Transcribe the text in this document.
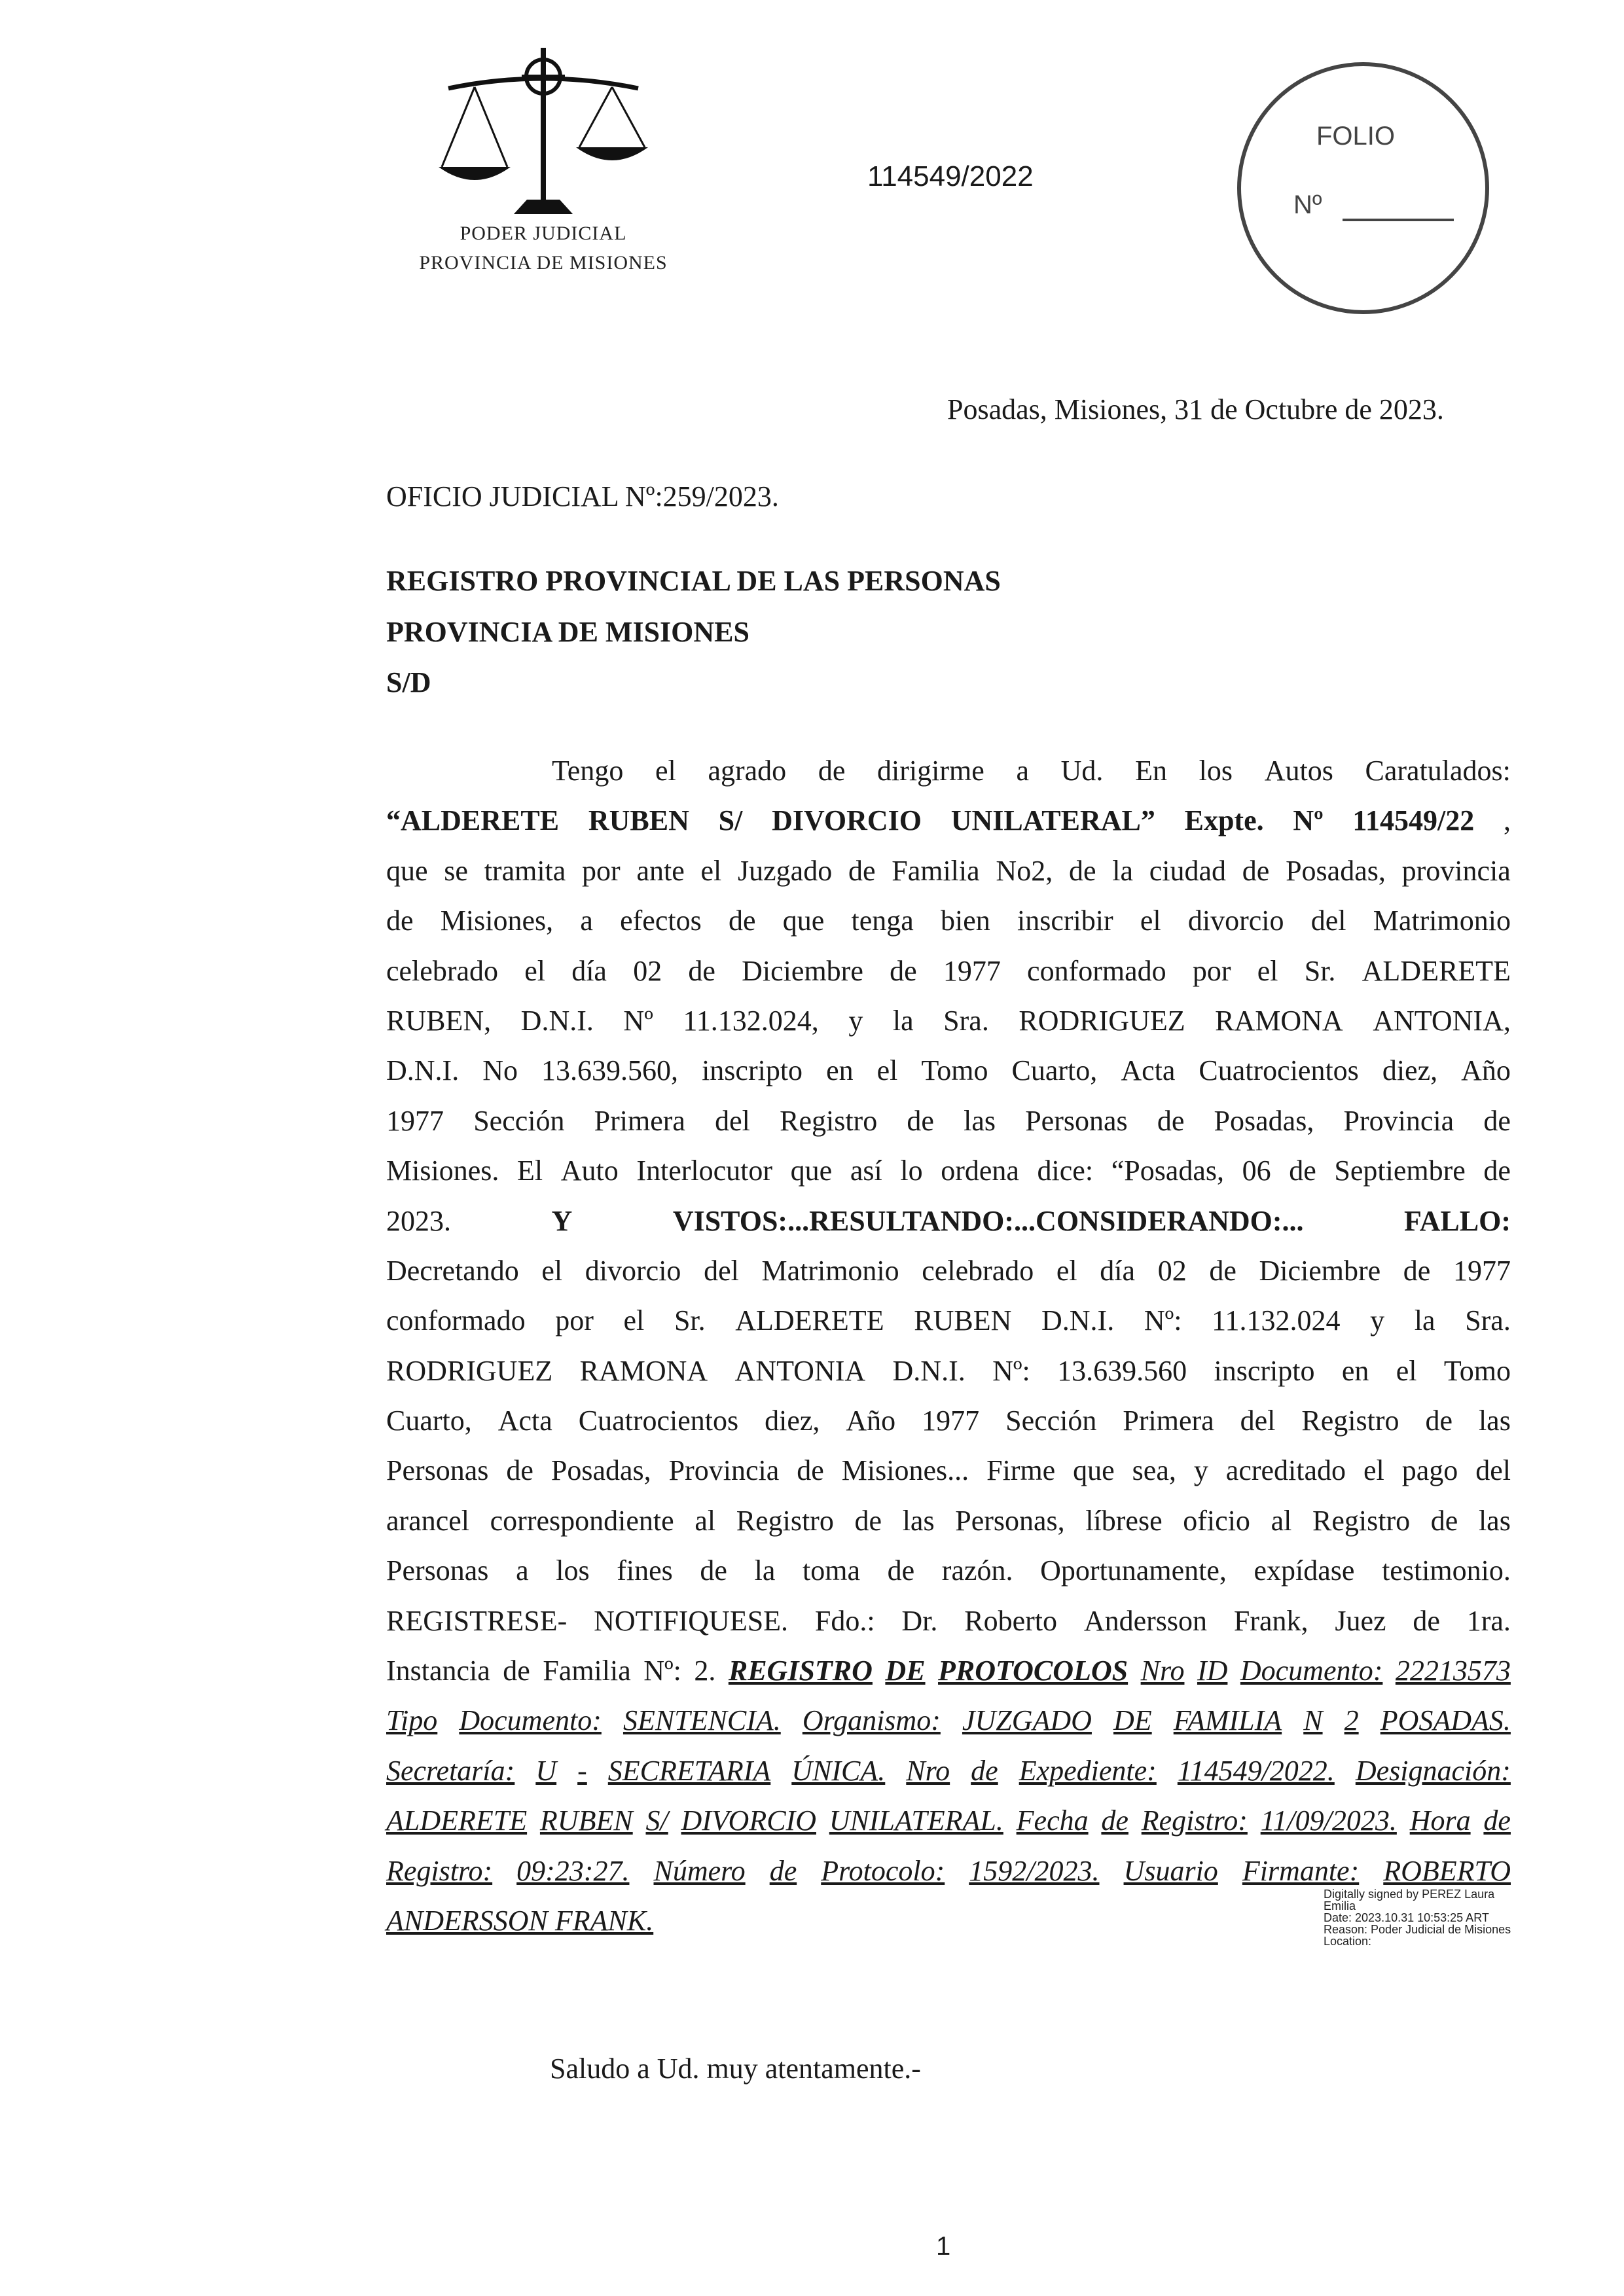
PODER JUDICIAL
PROVINCIA DE MISIONES
114549/2022
FOLIO
Nº
Posadas, Misiones, 31 de Octubre de 2023.
OFICIO JUDICIAL Nº:259/2023.
REGISTRO PROVINCIAL DE LAS PERSONAS
PROVINCIA DE MISIONES
S/D
Tengo el agrado de dirigirme a Ud. En los Autos Caratulados:
“ALDERETE RUBEN S/ DIVORCIO UNILATERAL” Expte. Nº 114549/22 ,
que se tramita por ante el Juzgado de Familia No2, de la ciudad de Posadas, provincia
de Misiones, a efectos de que tenga bien inscribir el divorcio del Matrimonio
celebrado el día 02 de Diciembre de 1977 conformado por el Sr. ALDERETE
RUBEN, D.N.I. Nº 11.132.024, y la Sra. RODRIGUEZ RAMONA ANTONIA,
D.N.I. No 13.639.560, inscripto en el Tomo Cuarto, Acta Cuatrocientos diez, Año
1977 Sección Primera del Registro de las Personas de Posadas, Provincia de
Misiones. El Auto Interlocutor que así lo ordena dice: “Posadas, 06 de Septiembre de
2023.	Y	VISTOS:...RESULTANDO:...CONSIDERANDO:...	FALLO:
Decretando el divorcio del Matrimonio celebrado el día 02 de Diciembre de 1977
conformado por el Sr. ALDERETE RUBEN D.N.I. Nº: 11.132.024 y la Sra.
RODRIGUEZ RAMONA ANTONIA D.N.I. Nº: 13.639.560 inscripto en el Tomo
Cuarto, Acta Cuatrocientos diez, Año 1977 Sección Primera del Registro de las
Personas de Posadas, Provincia de Misiones... Firme que sea, y acreditado el pago del
arancel correspondiente al Registro de las Personas, líbrese oficio al Registro de las
Personas a los fines de la toma de razón. Oportunamente, expídase testimonio.
REGISTRESE- NOTIFIQUESE. Fdo.: Dr. Roberto Andersson Frank, Juez de 1ra.
Instancia de Familia Nº: 2. REGISTRO DE PROTOCOLOS Nro ID Documento: 22213573
Tipo Documento: SENTENCIA. Organismo: JUZGADO DE FAMILIA N 2 POSADAS.
Secretaría: U - SECRETARIA ÚNICA. Nro de Expediente: 114549/2022. Designación:
ALDERETE RUBEN S/ DIVORCIO UNILATERAL. Fecha de Registro: 11/09/2023. Hora de
Registro: 09:23:27. Número de Protocolo: 1592/2023. Usuario Firmante: ROBERTO
ANDERSSON FRANK.
Digitally signed by PEREZ Laura
Emilia
Date: 2023.10.31 10:53:25 ART
Reason: Poder Judicial de Misiones
Location:
Saludo a Ud. muy atentamente.-
1
